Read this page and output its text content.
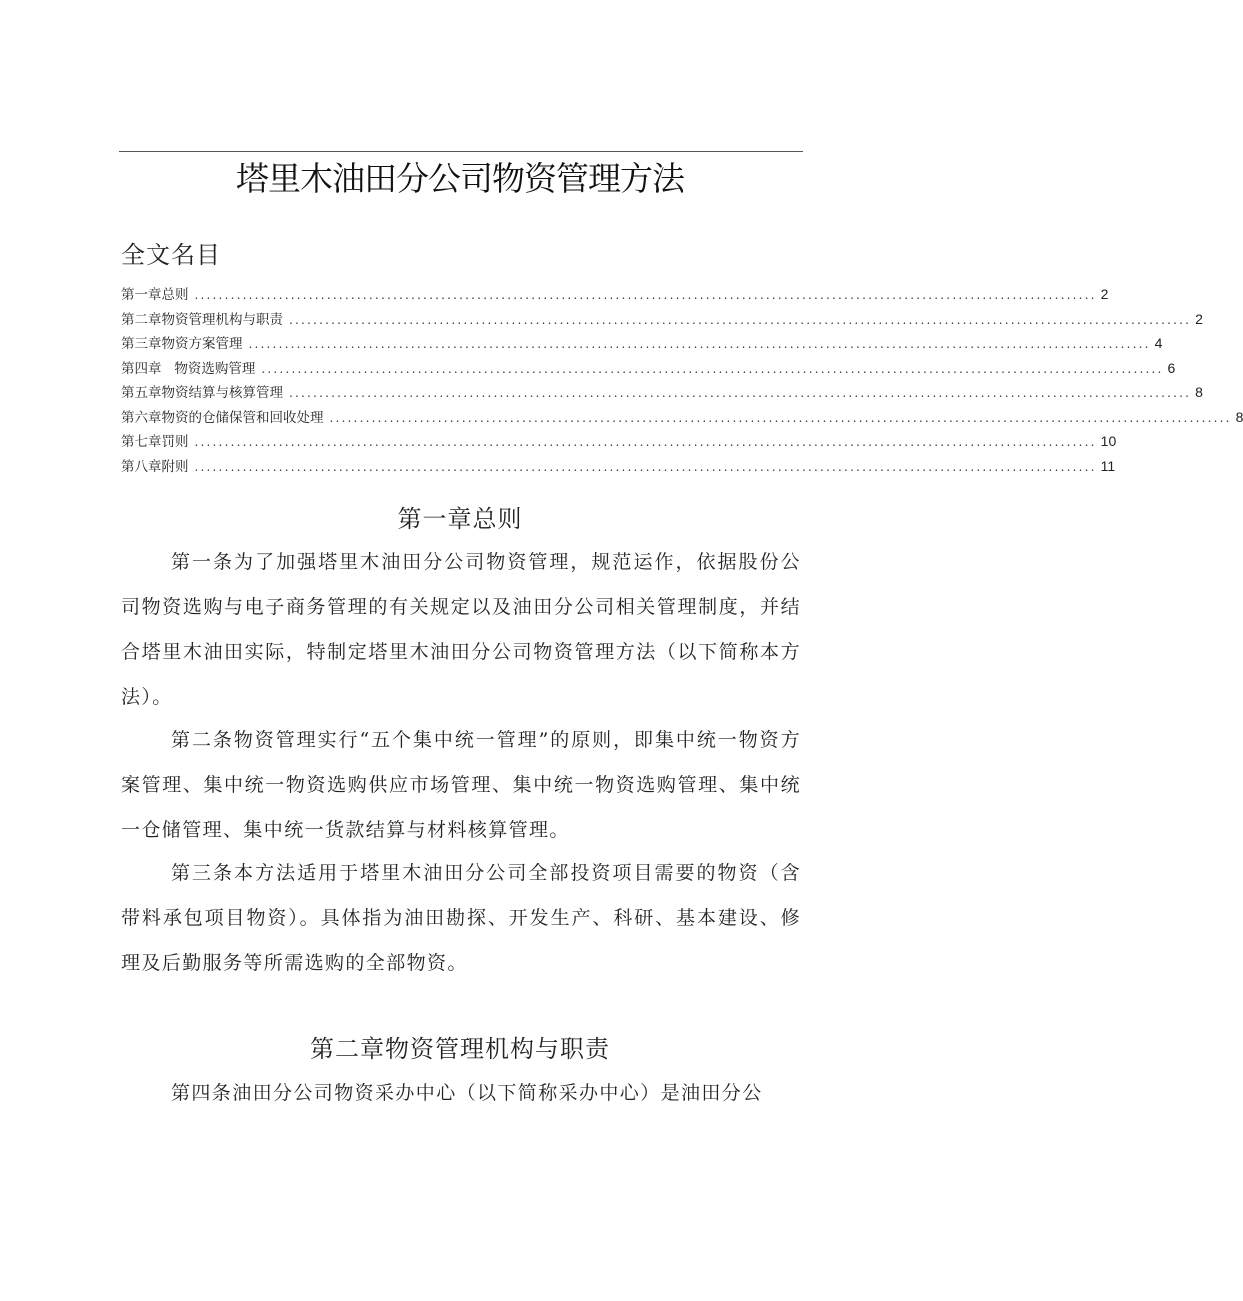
塔里木油田分公司物资管理方法
全文名目
第一章总则 ...................................................................................................................................................... 2
第二章物资管理机构与职责 ...................................................................................................................................................... 2
第三章物资方案管理 ...................................................................................................................................................... 4
第四章   物资选购管理 ...................................................................................................................................................... 6
第五章物资结算与核算管理 ...................................................................................................................................................... 8
第六章物资的仓储保管和回收处理 ...................................................................................................................................................... 8
第七章罚则 ...................................................................................................................................................... 10
第八章附则 ...................................................................................................................................................... 11
第一章总则

第一条为了加强塔里木油田分公司物资管理，规范运作，依据股份公司物资选购与电子商务管理的有关规定以及油田分公司相关管理制度，并结合塔里木油田实际，特制定塔里木油田分公司物资管理方法（以下简称本方法）。

第二条物资管理实行“五个集中统一管理”的原则，即集中统一物资方案管理、集中统一物资选购供应市场管理、集中统一物资选购管理、集中统一仓储管理、集中统一货款结算与材料核算管理。

第三条本方法适用于塔里木油田分公司全部投资项目需要的物资（含带料承包项目物资）。具体指为油田勘探、开发生产、科研、基本建设、修理及后勤服务等所需选购的全部物资。

第二章物资管理机构与职责

第四条油田分公司物资采办中心（以下简称采办中心）是油田分公
